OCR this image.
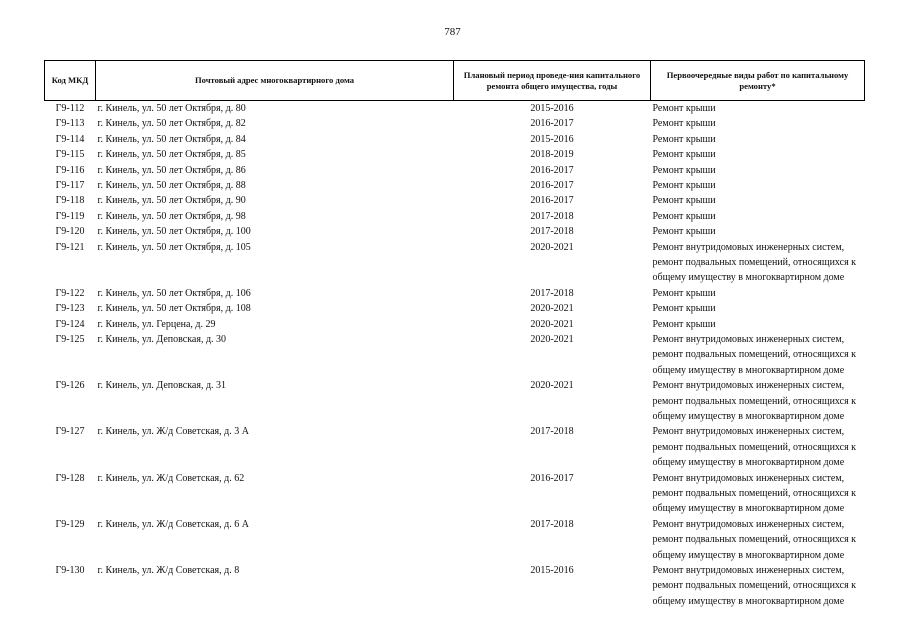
787
Код МКД	Почтовый адрес многоквартирного дома	Плановый период проведе-ния капитального ремонта общего имущества, годы	Первоочередные виды работ по капитальному ремонту*
Г9-112	г. Кинель, ул. 50 лет Октября, д. 80	2015-2016	Ремонт крыши

Г9-113	г. Кинель, ул. 50 лет Октября, д. 82	2016-2017	Ремонт крыши

Г9-114	г. Кинель, ул. 50 лет Октября, д. 84	2015-2016	Ремонт крыши

Г9-115	г. Кинель, ул. 50 лет Октября, д. 85	2018-2019	Ремонт крыши

Г9-116	г. Кинель, ул. 50 лет Октября, д. 86	2016-2017	Ремонт крыши

Г9-117	г. Кинель, ул. 50 лет Октября, д. 88	2016-2017	Ремонт крыши

Г9-118	г. Кинель, ул. 50 лет Октября, д. 90	2016-2017	Ремонт крыши

Г9-119	г. Кинель, ул. 50 лет Октября, д. 98	2017-2018	Ремонт крыши

Г9-120	г. Кинель, ул. 50 лет Октября, д. 100	2017-2018	Ремонт крыши

Г9-121	г. Кинель, ул. 50 лет Октября, д. 105	2020-2021	Ремонт внутридомовых инженерных систем,
ремонт подвальных помещений, относящихся к
общему имуществу в многоквартирном доме

Г9-122	г. Кинель, ул. 50 лет Октября, д. 106	2017-2018	Ремонт крыши

Г9-123	г. Кинель, ул. 50 лет Октября, д. 108	2020-2021	Ремонт крыши

Г9-124	г. Кинель, ул. Герцена, д. 29	2020-2021	Ремонт крыши

Г9-125	г. Кинель, ул. Деповская, д. 30	2020-2021	Ремонт внутридомовых инженерных систем,
ремонт подвальных помещений, относящихся к
общему имуществу в многоквартирном доме

Г9-126	г. Кинель, ул. Деповская, д. 31	2020-2021	Ремонт внутридомовых инженерных систем,
ремонт подвальных помещений, относящихся к
общему имуществу в многоквартирном доме

Г9-127	г. Кинель, ул. Ж/д Советская, д. 3 А	2017-2018	Ремонт внутридомовых инженерных систем,
ремонт подвальных помещений, относящихся к
общему имуществу в многоквартирном доме

Г9-128	г. Кинель, ул. Ж/д Советская, д. 62	2016-2017	Ремонт внутридомовых инженерных систем,
ремонт подвальных помещений, относящихся к
общему имуществу в многоквартирном доме

Г9-129	г. Кинель, ул. Ж/д Советская, д. 6 А	2017-2018	Ремонт внутридомовых инженерных систем,
ремонт подвальных помещений, относящихся к
общему имуществу в многоквартирном доме

Г9-130	г. Кинель, ул. Ж/д Советская, д. 8	2015-2016	Ремонт внутридомовых инженерных систем,
ремонт подвальных помещений, относящихся к
общему имуществу в многоквартирном доме
